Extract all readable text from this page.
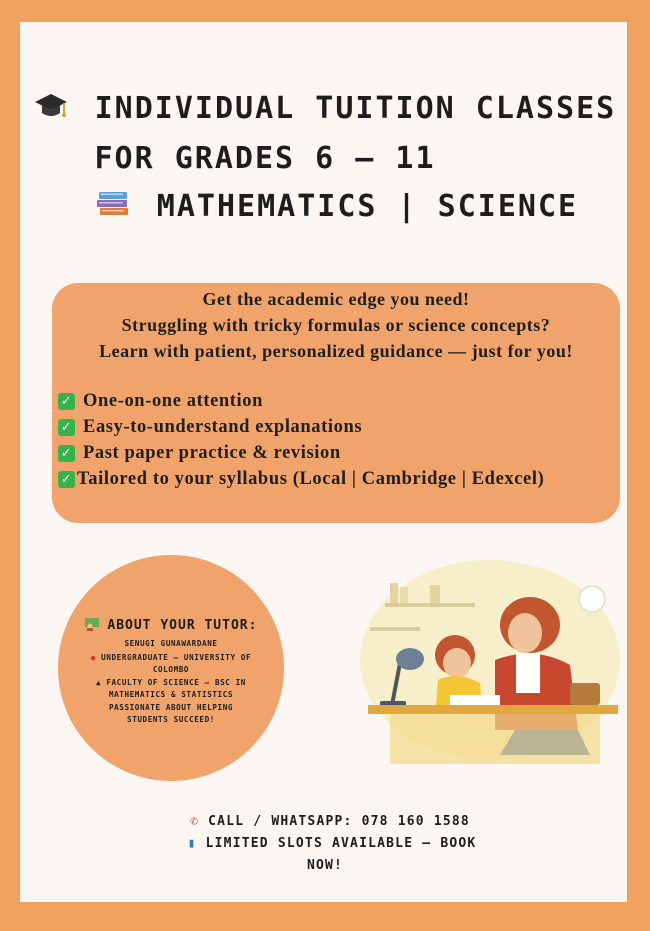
INDIVIDUAL TUITION CLASSES
FOR GRADES 6 – 11
MATHEMATICS | SCIENCE
Get the academic edge you need!
Struggling with tricky formulas or science concepts?
Learn with patient, personalized guidance — just for you!
✓ One-on-one attention
✓ Easy-to-understand explanations
✓ Past paper practice & revision
✓ Tailored to your syllabus (Local | Cambridge | Edexcel)
ABOUT YOUR TUTOR:
SENUGI GUNAWARDANE
● UNDERGRADUATE – UNIVERSITY OF
COLOMBO
▲ FACULTY OF SCIENCE – BSC IN
MATHEMATICS & STATISTICS
PASSIONATE ABOUT HELPING
STUDENTS SUCCEED!
✆ CALL / WHATSAPP: 078 160 1588
▮ LIMITED SLOTS AVAILABLE – BOOK
NOW!
